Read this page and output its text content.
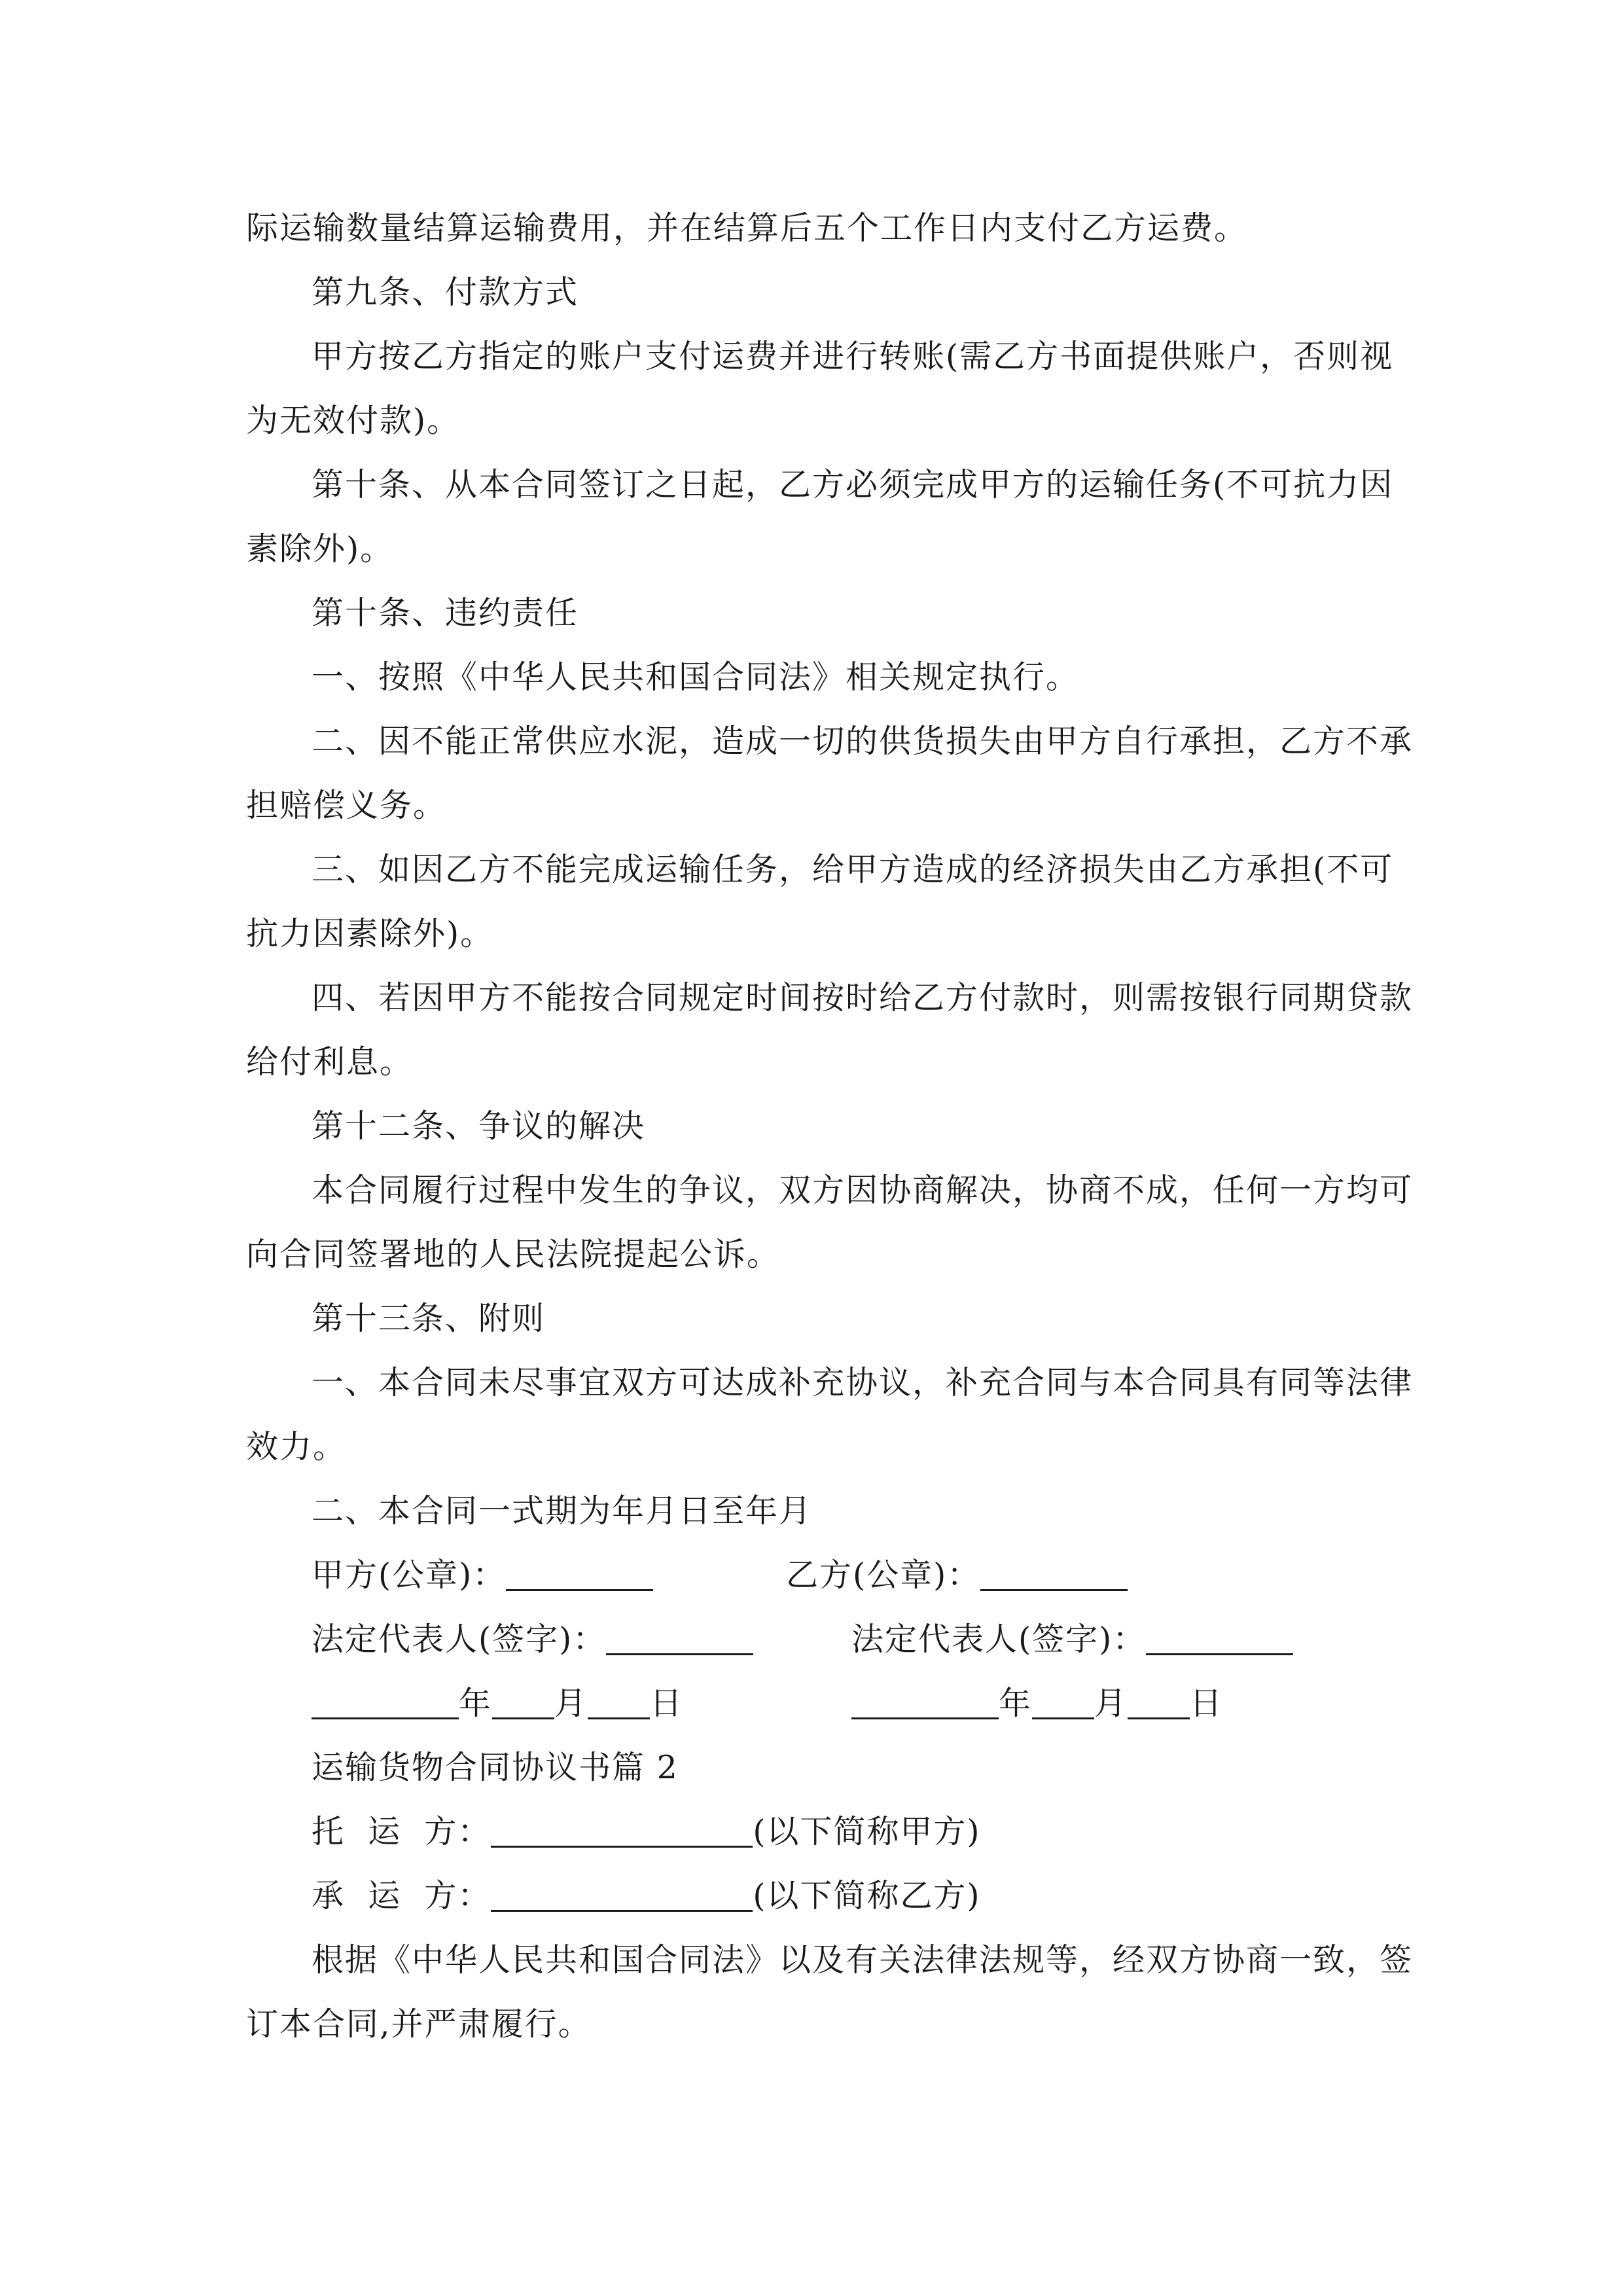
际运输数量结算运输费用，并在结算后五个工作日内支付乙方运费。
第九条、付款方式
甲方按乙方指定的账户支付运费并进行转账(需乙方书面提供账户，否则视
为无效付款)。
第十条、从本合同签订之日起，乙方必须完成甲方的运输任务(不可抗力因
素除外)。
第十条、违约责任
一、按照《中华人民共和国合同法》相关规定执行。
二、因不能正常供应水泥，造成一切的供货损失由甲方自行承担，乙方不承
担赔偿义务。
三、如因乙方不能完成运输任务，给甲方造成的经济损失由乙方承担(不可
抗力因素除外)。
四、若因甲方不能按合同规定时间按时给乙方付款时，则需按银行同期贷款
给付利息。
第十二条、争议的解决
本合同履行过程中发生的争议，双方因协商解决，协商不成，任何一方均可
向合同签署地的人民法院提起公诉。
第十三条、附则
一、本合同未尽事宜双方可达成补充协议，补充合同与本合同具有同等法律
效力。
二、本合同一式期为年月日至年月
甲方(公章)：	乙方(公章)：
法定代表人(签字)：	法定代表人(签字)：
年 月 日	年 月 日
运输货物合同协议书篇 2
托  运  方：	(以下简称甲方)
承  运  方：	(以下简称乙方)
根据《中华人民共和国合同法》以及有关法律法规等，经双方协商一致，签
订本合同,并严肃履行。
